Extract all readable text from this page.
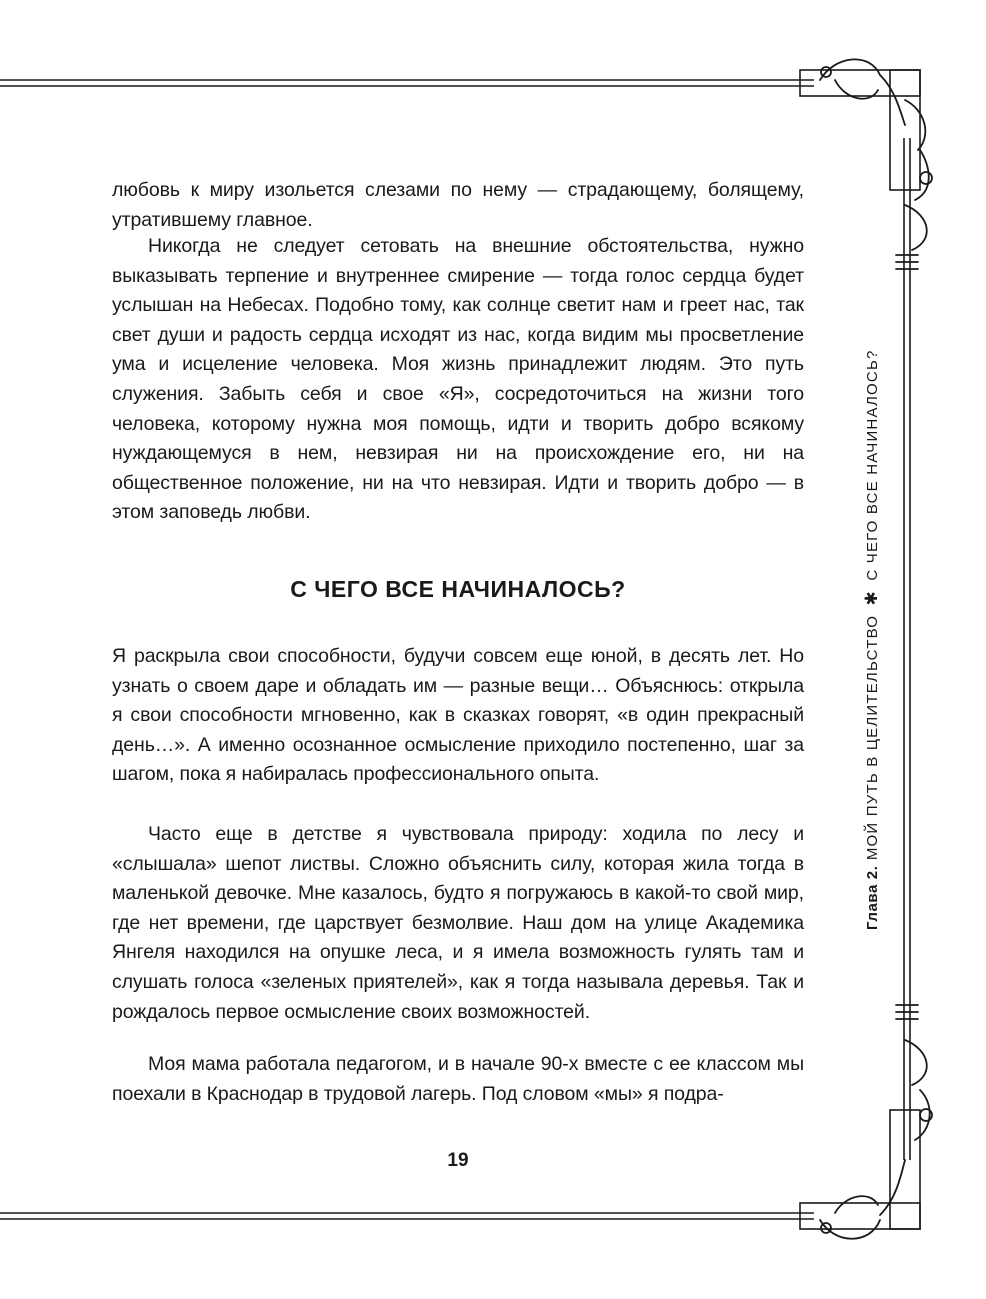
любовь к миру изольется слезами по нему — страдающему, болящему, утратившему главное.

Никогда не следует сетовать на внешние обстоятельства, нужно выказывать терпение и внутреннее смирение — тогда голос сердца будет услышан на Небесах. Подобно тому, как солнце светит нам и греет нас, так свет души и радость сердца исходят из нас, когда видим мы просветление ума и исцеление человека. Моя жизнь принадлежит людям. Это путь служения. Забыть себя и свое «Я», сосредоточиться на жизни того человека, которому нужна моя помощь, идти и творить добро всякому нуждающемуся в нем, невзирая ни на происхождение его, ни на общественное положение, ни на что невзирая. Идти и творить добро — в этом заповедь любви.

С ЧЕГО ВСЕ НАЧИНАЛОСЬ?

Я раскрыла свои способности, будучи совсем еще юной, в десять лет. Но узнать о своем даре и обладать им — разные вещи… Объяснюсь: открыла я свои способности мгновенно, как в сказках говорят, «в один прекрасный день…». А именно осознанное осмысление приходило постепенно, шаг за шагом, пока я набиралась профессионального опыта.

Часто еще в детстве я чувствовала природу: ходила по лесу и «слышала» шепот листвы. Сложно объяснить силу, которая жила тогда в маленькой девочке. Мне казалось, будто я погружаюсь в какой-то свой мир, где нет времени, где царствует безмолвие. Наш дом на улице Академика Янгеля находился на опушке леса, и я имела возможность гулять там и слушать голоса «зеленых приятелей», как я тогда называла деревья. Так и рождалось первое осмысление своих возможностей.

Моя мама работала педагогом, и в начале 90-х вместе с ее классом мы поехали в Краснодар в трудовой лагерь. Под словом «мы» я подра-

19
Глава 2. МОЙ ПУТЬ В ЦЕЛИТЕЛЬСТВО ✱ С ЧЕГО ВСЕ НАЧИНАЛОСЬ?
